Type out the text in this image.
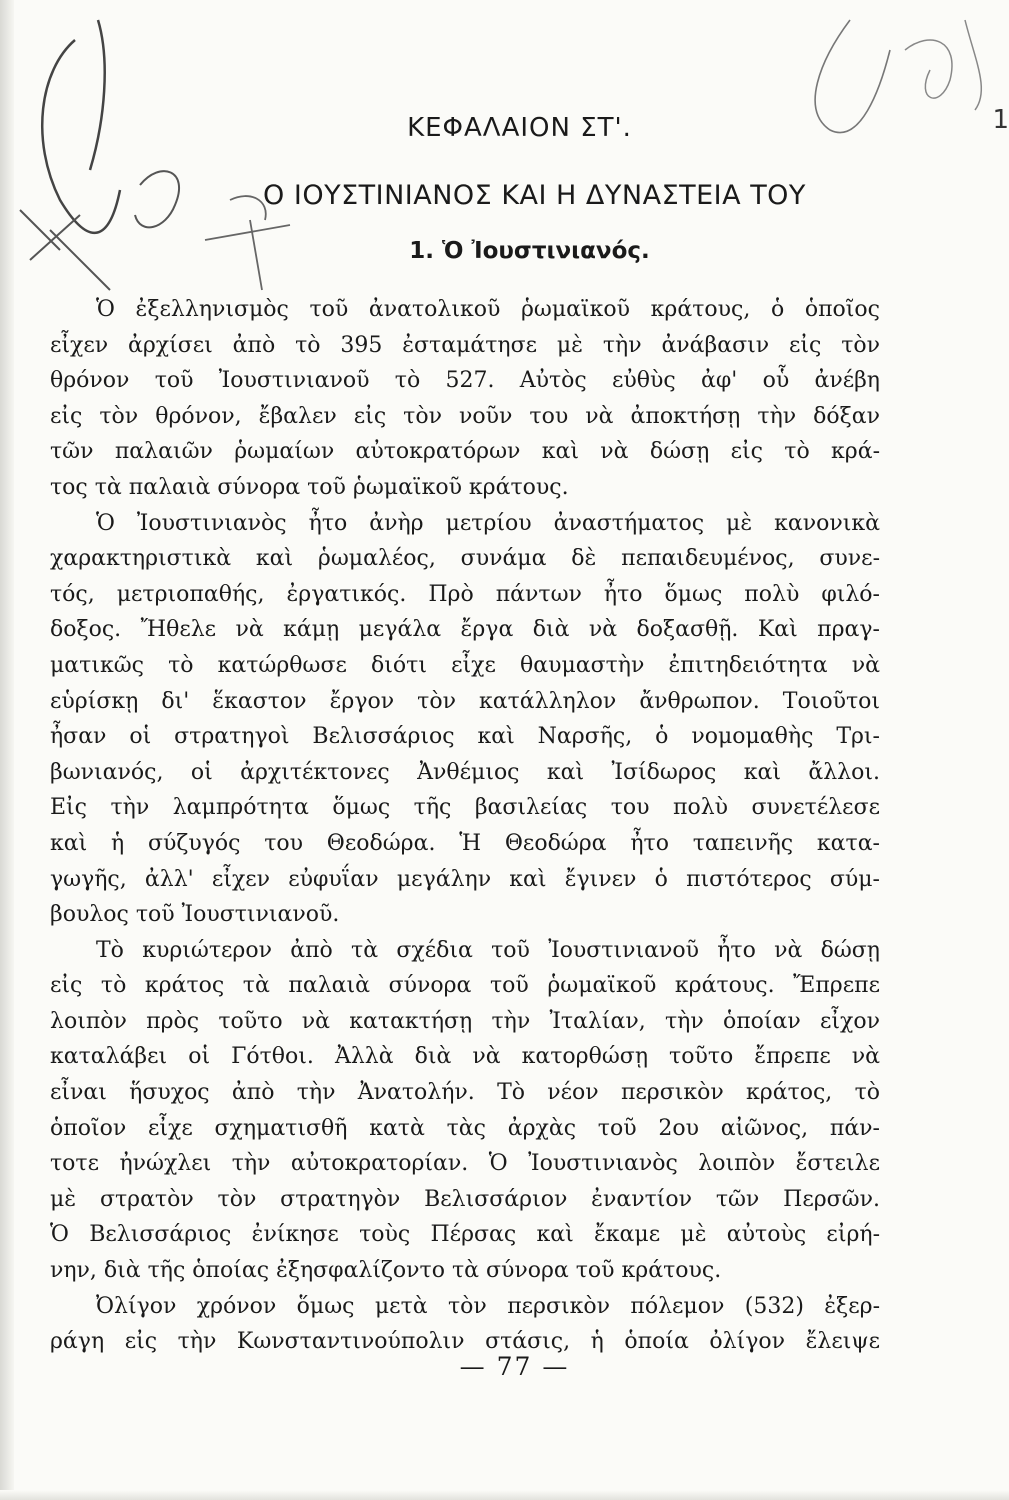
1
ΚΕΦΑΛΑΙΟΝ ΣΤ'.
Ο ΙΟΥΣΤΙΝΙΑΝΟΣ ΚΑΙ Η ΔΥΝΑΣΤΕΙΑ ΤΟΥ
1. Ὁ Ἰουστινιανός.
Ὁ ἐξελληνισμὸς τοῦ ἀνατολικοῦ ῥωμαϊκοῦ κράτους, ὁ ὁποῖος
εἶχεν ἀρχίσει ἀπὸ τὸ 395 ἐσταμάτησε μὲ τὴν ἀνάβασιν εἰς τὸν
θρόνον τοῦ Ἰουστινιανοῦ τὸ 527. Αὐτὸς εὐθὺς ἀφ' οὗ ἀνέβη
εἰς τὸν θρόνον, ἔβαλεν εἰς τὸν νοῦν του νὰ ἀποκτήσῃ τὴν δόξαν
τῶν παλαιῶν ῥωμαίων αὐτοκρατόρων καὶ νὰ δώσῃ εἰς τὸ κρά-
τος τὰ παλαιὰ σύνορα τοῦ ῥωμαϊκοῦ κράτους.
Ὁ Ἰουστινιανὸς ἦτο ἀνὴρ μετρίου ἀναστήματος μὲ κανονικὰ
χαρακτηριστικὰ καὶ ῥωμαλέος, συνάμα δὲ πεπαιδευμένος, συνε-
τός, μετριοπαθής, ἐργατικός. Πρὸ πάντων ἦτο ὅμως πολὺ φιλό-
δοξος. Ἤθελε νὰ κάμῃ μεγάλα ἔργα διὰ νὰ δοξασθῇ. Καὶ πραγ-
ματικῶς τὸ κατώρθωσε διότι εἶχε θαυμαστὴν ἐπιτηδειότητα νὰ
εὑρίσκῃ δι' ἕκαστον ἔργον τὸν κατάλληλον ἄνθρωπον. Τοιοῦτοι
ἦσαν οἱ στρατηγοὶ Βελισσάριος καὶ Ναρσῆς, ὁ νομομαθὴς Τρι-
βωνιανός, οἱ ἀρχιτέκτονες Ἀνθέμιος καὶ Ἰσίδωρος καὶ ἄλλοι.
Εἰς τὴν λαμπρότητα ὅμως τῆς βασιλείας του πολὺ συνετέλεσε
καὶ ἡ σύζυγός του Θεοδώρα. Ἡ Θεοδώρα ἦτο ταπεινῆς κατα-
γωγῆς, ἀλλ' εἶχεν εὐφυΐαν μεγάλην καὶ ἔγινεν ὁ πιστότερος σύμ-
βουλος τοῦ Ἰουστινιανοῦ.
Τὸ κυριώτερον ἀπὸ τὰ σχέδια τοῦ Ἰουστινιανοῦ ἦτο νὰ δώσῃ
εἰς τὸ κράτος τὰ παλαιὰ σύνορα τοῦ ῥωμαϊκοῦ κράτους. Ἔπρεπε
λοιπὸν πρὸς τοῦτο νὰ κατακτήσῃ τὴν Ἰταλίαν, τὴν ὁποίαν εἶχον
καταλάβει οἱ Γότθοι. Ἀλλὰ διὰ νὰ κατορθώσῃ τοῦτο ἔπρεπε νὰ
εἶναι ἥσυχος ἀπὸ τὴν Ἀνατολήν. Τὸ νέον περσικὸν κράτος, τὸ
ὁποῖον εἶχε σχηματισθῆ κατὰ τὰς ἀρχὰς τοῦ 2ου αἰῶνος, πάν-
τοτε ἠνώχλει τὴν αὐτοκρατορίαν. Ὁ Ἰουστινιανὸς λοιπὸν ἔστειλε
μὲ στρατὸν τὸν στρατηγὸν Βελισσάριον ἐναντίον τῶν Περσῶν.
Ὁ Βελισσάριος ἐνίκησε τοὺς Πέρσας καὶ ἔκαμε μὲ αὐτοὺς εἰρή-
νην, διὰ τῆς ὁποίας ἐξησφαλίζοντο τὰ σύνορα τοῦ κράτους.
Ὀλίγον χρόνον ὅμως μετὰ τὸν περσικὸν πόλεμον (532) ἐξερ-
ράγη εἰς τὴν Κωνσταντινούπολιν στάσις, ἡ ὁποία ὀλίγον ἔλειψε
— 77 —
